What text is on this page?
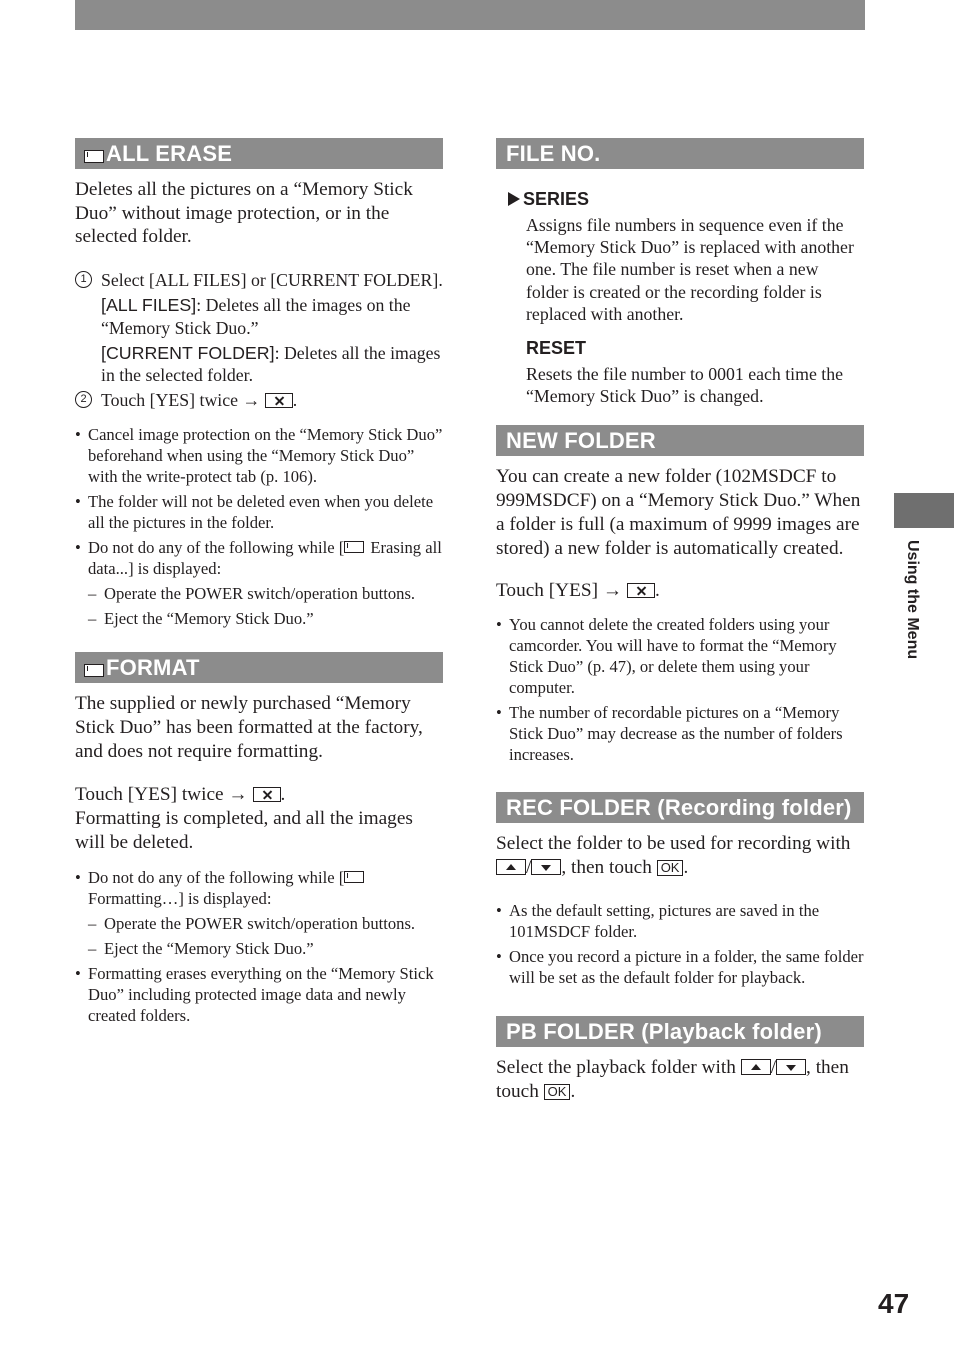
ALL ERASE

Deletes all the pictures on a “Memory Stick Duo” without image protection, or in the selected folder.

1 Select [ALL FILES] or [CURRENT FOLDER].

[ALL FILES]: Deletes all the images on the “Memory Stick Duo.”

[CURRENT FOLDER]: Deletes all the images in the selected folder.

2 Touch [YES] twice → .

• Cancel image protection on the “Memory Stick Duo” beforehand when using the “Memory Stick Duo” with the write-protect tab (p. 106).

• The folder will not be deleted even when you delete all the pictures in the folder.

• Do not do any of the following while [ Erasing all data...] is displayed:

– Operate the POWER switch/operation buttons.

– Eject the “Memory Stick Duo.”

FORMAT

The supplied or newly purchased “Memory Stick Duo” has been formatted at the factory, and does not require formatting.

Touch [YES] twice → .

Formatting is completed, and all the images will be deleted.

• Do not do any of the following while [ Formatting…] is displayed:

– Operate the POWER switch/operation buttons.

– Eject the “Memory Stick Duo.”

• Formatting erases everything on the “Memory Stick Duo” including protected image data and newly created folders.

FILE NO.

SERIES

Assigns file numbers in sequence even if the “Memory Stick Duo” is replaced with another one. The file number is reset when a new folder is created or the recording folder is replaced with another.

RESET

Resets the file number to 0001 each time the “Memory Stick Duo” is changed.

NEW FOLDER

You can create a new folder (102MSDCF to 999MSDCF) on a “Memory Stick Duo.” When a folder is full (a maximum of 9999 images are stored) a new folder is automatically created.

Touch [YES] → .

• You cannot delete the created folders using your camcorder. You will have to format the “Memory Stick Duo” (p. 47), or delete them using your computer.

• The number of recordable pictures on a “Memory Stick Duo” may decrease as the number of folders increases.

REC FOLDER (Recording folder)

Select the folder to be used for recording with / , then touch OK .

• As the default setting, pictures are saved in the 101MSDCF folder.

• Once you record a picture in a folder, the same folder will be set as the default folder for playback.

PB FOLDER (Playback folder)

Select the playback folder with / , then touch OK .

Using the Menu
47
